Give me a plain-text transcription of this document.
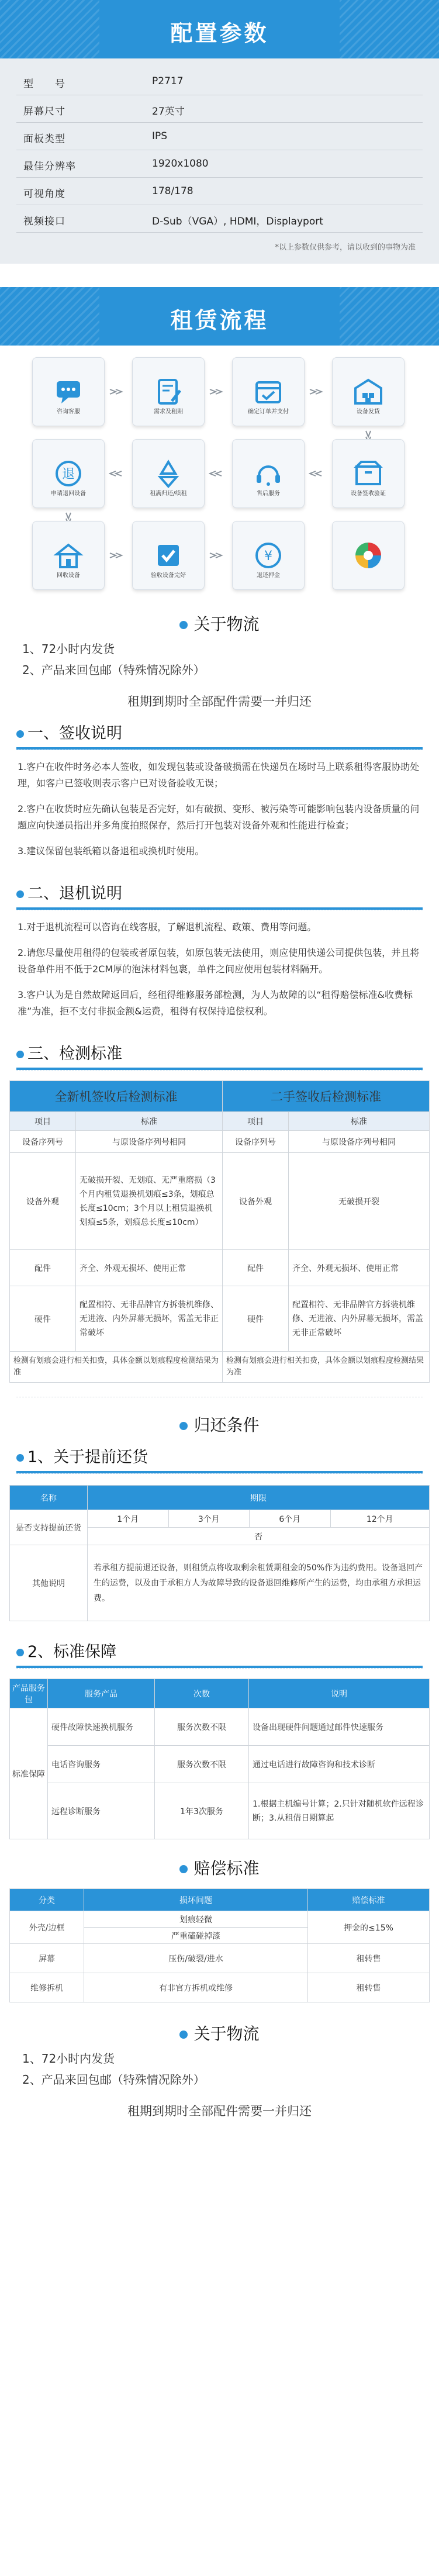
配置参数
型　　号	P2717
屏幕尺寸	27英寸
面板类型	IPS
最佳分辨率	1920x1080
可视角度	178/178
视频接口	D-Sub（VGA）, HDMI，Displayport
*以上参数仅供参考，请以收到的事物为准
租赁流程
咨询客服	需求及租期	确定订单并支付	设备发货
退
申请退回设备	租满归还/续租	售后服务	设备签收验证
回收设备	验收设备完好
¥
退还押金
关于物流
1、72小时内发货
2、产品来回包邮（特殊情况除外）
租期到期时全部配件需要一并归还
一、签收说明
1.客户在收件时务必本人签收，如发现包装或设备破损需在快递员在场时马上联系租得客服协助处理，如客户已签收则表示客户已对设备验收无误；
2.客户在收货时应先确认包装是否完好，如有破损、变形、被污染等可能影响包装内设备质量的问题应向快递员指出并多角度拍照保存，然后打开包装对设备外观和性能进行检查；
3.建议保留包装纸箱以备退租或换机时使用。
二、退机说明
1.对于退机流程可以咨询在线客服，了解退机流程、政策、费用等问题。
2.请您尽量使用租得的包装或者原包装，如原包装无法使用，则应使用快递公司提供包装，并且将设备单件用不低于2CM厚的泡沫材料包裹，单件之间应使用包装材料隔开。
3.客户认为是自然故障返回后，经租得维修服务部检测，为人为故障的以“租得赔偿标准&收费标准”为准，拒不支付非损金额&运费，租得有权保持追偿权利。
三、检测标准
全新机签收后检测标准		二手签收后检测标准	
项目	标准	项目	标准
设备序列号	与原设备序列号相同	设备序列号	与原设备序列号相同
设备外观	无破损开裂、无划痕、无严重磨损（3个月内租赁退换机划痕≤3条，划痕总长度≤10cm；3个月以上租赁退换机划痕≤5条，划痕总长度≤10cm）	设备外观	无破损开裂
配件	齐全、外观无损坏、使用正常	配件	齐全、外观无损坏、使用正常
硬件	配置相符、无非品牌官方拆装机维修、无进液、内外屏幕无损坏，需盖无非正常破坏	硬件	配置相符、无非品牌官方拆装机维修、无进液、内外屏幕无损坏，需盖无非正常破坏
检测有划痕会进行相关扣费，具体金额以划痕程度检测结果为准		检测有划痕会进行相关扣费，具体金额以划痕程度检测结果为准	
归还条件
1、关于提前还货
名称	期限			
是否支持提前还货	1个月	3个月	6个月	12个月
	否			
其他说明	若承租方提前退还设备，则租赁点将收取剩余租赁期租金的50%作为违约费用。设备退回产生的运费，以及由于承租方人为故障导致的设备退回维修所产生的运费，均由承租方承担运费。			
2、标准保障
产品服务包	服务产品	次数	说明
标准保障	硬件故障快速换机服务	服务次数不限	设备出现硬件问题通过邮件快速服务
	电话咨询服务	服务次数不限	通过电话进行故障咨询和技术诊断
	远程诊断服务	1年3次服务	1.根据主机编号计算；2.只针对随机软件远程诊断；3.从租借日期算起
赔偿标准
分类	损坏问题	赔偿标准
外壳/边框	划痕轻微	押金的≤15%
	严重磕碰掉漆	
屏幕	压伤/破裂/进水	租转售
维修拆机	有非官方拆机或维修	租转售
关于物流
1、72小时内发货
2、产品来回包邮（特殊情况除外）
租期到期时全部配件需要一并归还
